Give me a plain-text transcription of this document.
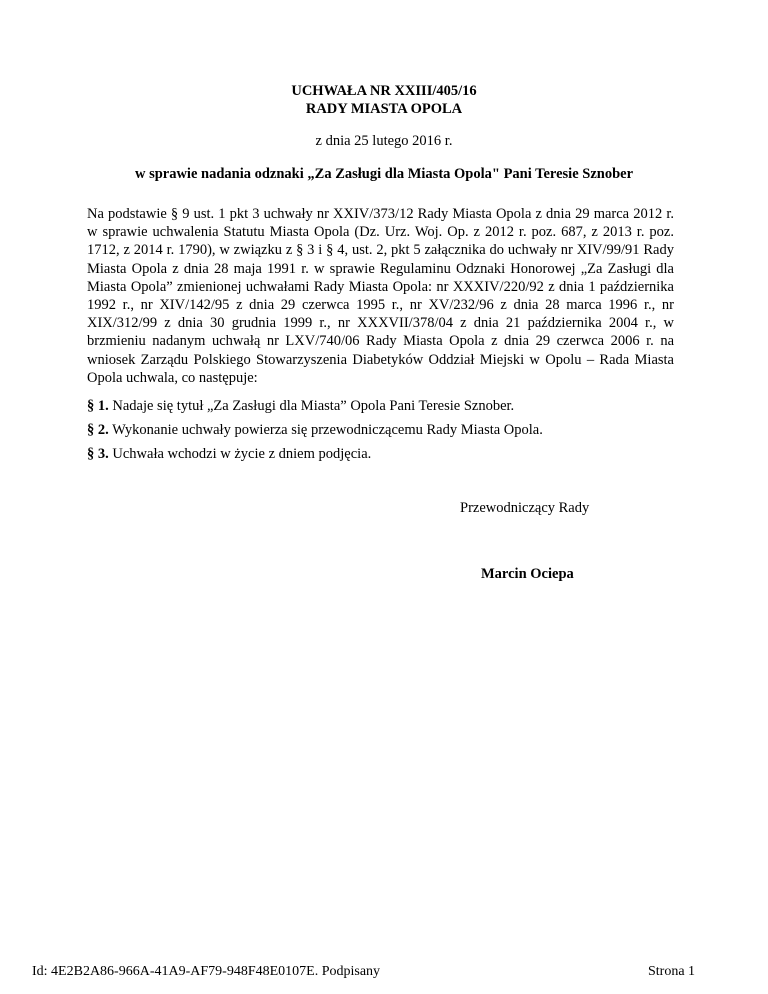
UCHWAŁA NR XXIII/405/16
RADY MIASTA OPOLA
z dnia 25 lutego 2016 r.
w sprawie nadania odznaki „Za Zasługi dla Miasta Opola" Pani Teresie Sznober

Na podstawie § 9 ust. 1 pkt 3 uchwały nr XXIV/373/12 Rady Miasta Opola z dnia 29 marca 2012 r. w sprawie uchwalenia Statutu Miasta Opola (Dz. Urz. Woj. Op. z 2012 r. poz. 687, z 2013 r. poz. 1712, z 2014 r. 1790), w związku z § 3 i § 4, ust. 2, pkt 5 załącznika do uchwały nr XIV/99/91 Rady Miasta Opola z dnia 28 maja 1991 r. w sprawie Regulaminu Odznaki Honorowej „Za Zasługi dla Miasta Opola” zmienionej uchwałami Rady Miasta Opola: nr XXXIV/220/92 z dnia 1 października 1992 r., nr XIV/142/95 z dnia 29 czerwca 1995 r., nr XV/232/96 z dnia 28 marca 1996 r., nr XIX/312/99 z dnia 30 grudnia 1999 r., nr XXXVII/378/04 z dnia 21 października 2004 r., w brzmieniu nadanym uchwałą nr LXV/740/06 Rady Miasta Opola z dnia 29 czerwca 2006 r. na wniosek Zarządu Polskiego Stowarzyszenia Diabetyków Oddział Miejski w Opolu – Rada Miasta Opola uchwala, co następuje:

§ 1. Nadaje się tytuł „Za Zasługi dla Miasta” Opola Pani Teresie Sznober.

§ 2. Wykonanie uchwały powierza się przewodniczącemu Rady Miasta Opola.

§ 3. Uchwała wchodzi w życie z dniem podjęcia.

Przewodniczący Rady
Marcin Ociepa
Id: 4E2B2A86-966A-41A9-AF79-948F48E0107E. Podpisany	Strona 1
